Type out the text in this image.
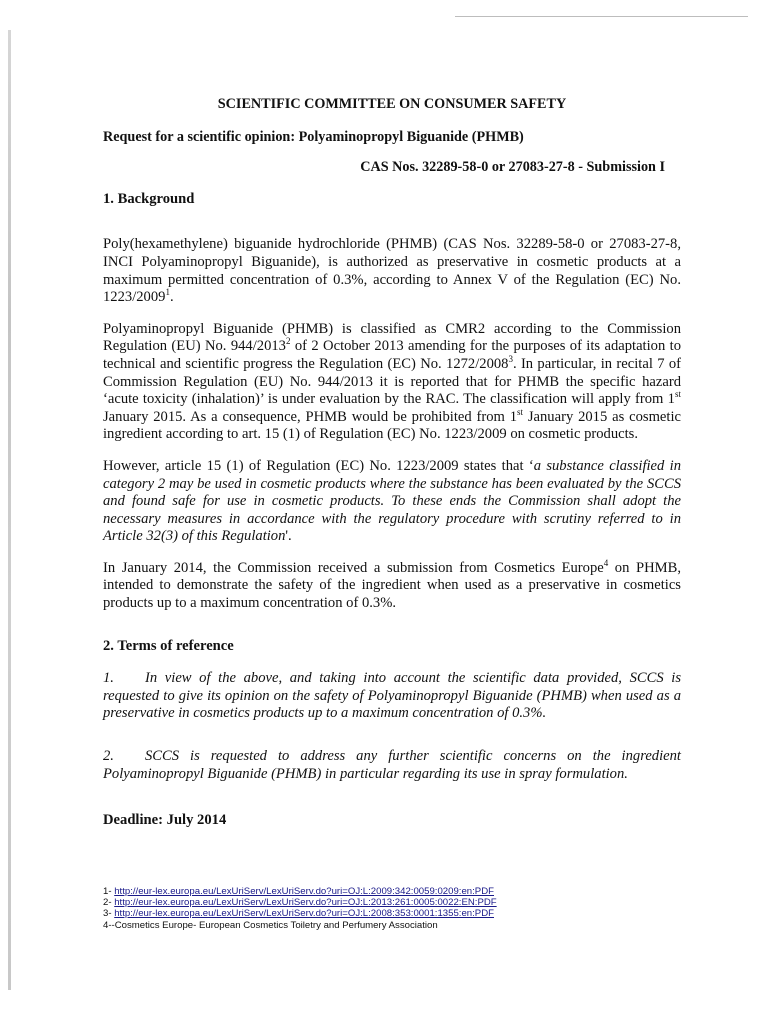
SCIENTIFIC COMMITTEE ON CONSUMER SAFETY
Request for a scientific opinion: Polyaminopropyl Biguanide (PHMB)
CAS Nos. 32289-58-0 or 27083-27-8 - Submission I
1. Background

Poly(hexamethylene) biguanide hydrochloride (PHMB) (CAS Nos. 32289-58-0 or 27083-27-8, INCI Polyaminopropyl Biguanide), is authorized as preservative in cosmetic products at a maximum permitted concentration of 0.3%, according to Annex V of the Regulation (EC) No. 1223/2009$^1$.

Polyaminopropyl Biguanide (PHMB) is classified as CMR2 according to the Commission Regulation (EU) No. 944/2013$^2$ of 2 October 2013 amending for the purposes of its adaptation to technical and scientific progress the Regulation (EC) No. 1272/2008$^3$. In particular, in recital 7 of Commission Regulation (EU) No. 944/2013 it is reported that for PHMB the specific hazard ‘acute toxicity (inhalation)’ is under evaluation by the RAC. The classification will apply from 1st January 2015. As a consequence, PHMB would be prohibited from 1st January 2015 as cosmetic ingredient according to art. 15 (1) of Regulation (EC) No. 1223/2009 on cosmetic products.

However, article 15 (1) of Regulation (EC) No. 1223/2009 states that ‘a substance classified in category 2 may be used in cosmetic products where the substance has been evaluated by the SCCS and found safe for use in cosmetic products. To these ends the Commission shall adopt the necessary measures in accordance with the regulatory procedure with scrutiny referred to in Article 32(3) of this Regulation'.

In January 2014, the Commission received a submission from Cosmetics Europe$^4$ on PHMB, intended to demonstrate the safety of the ingredient when used as a preservative in cosmetics products up to a maximum concentration of 0.3%.

2. Terms of reference

1. In view of the above, and taking into account the scientific data provided, SCCS is requested to give its opinion on the safety of Polyaminopropyl Biguanide (PHMB) when used as a preservative in cosmetics products up to a maximum concentration of 0.3%.

2. SCCS is requested to address any further scientific concerns on the ingredient Polyaminopropyl Biguanide (PHMB) in particular regarding its use in spray formulation.

Deadline: July 2014
1- http://eur-lex.europa.eu/LexUriServ/LexUriServ.do?uri=OJ:L:2009:342:0059:0209:en:PDF
2- http://eur-lex.europa.eu/LexUriServ/LexUriServ.do?uri=OJ:L:2013:261:0005:0022:EN:PDF
3- http://eur-lex.europa.eu/LexUriServ/LexUriServ.do?uri=OJ:L:2008:353:0001:1355:en:PDF
4--Cosmetics Europe- European Cosmetics Toiletry and Perfumery Association
